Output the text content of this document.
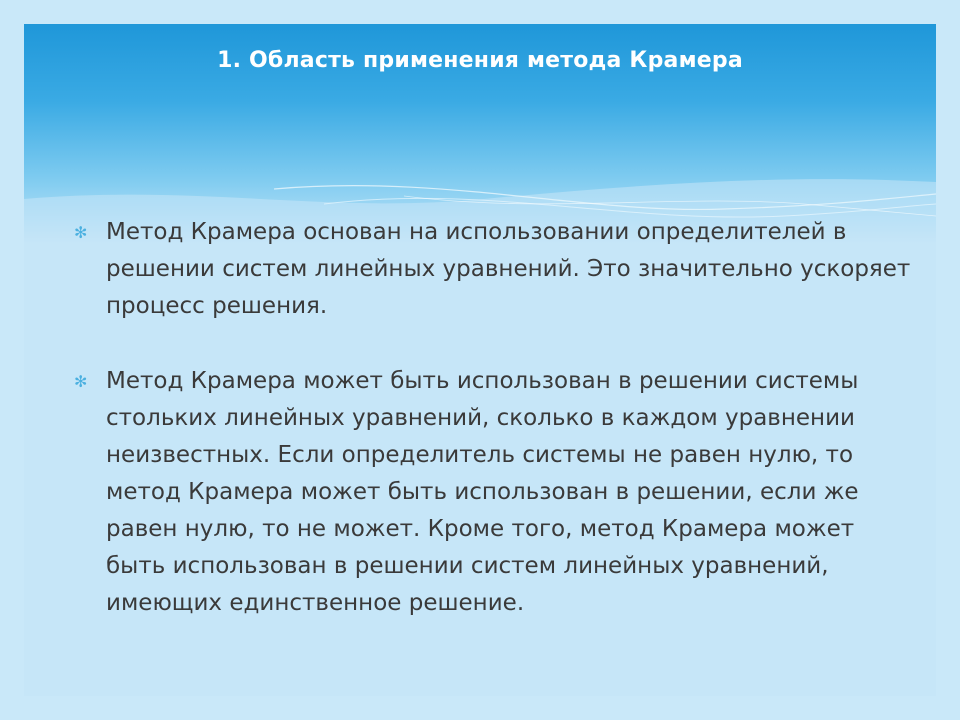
1. Область применения метода Крамера
✻ Метод Крамера основан на использовании определителей в решении систем линейных уравнений. Это значительно ускоряет процесс решения.
✻ Метод Крамера может быть использован в решении системы стольких линейных уравнений, сколько в каждом уравнении неизвестных. Если определитель системы не равен нулю, то метод Крамера может быть использован в решении, если же равен нулю, то не может. Кроме того, метод Крамера может быть использован в решении систем линейных уравнений, имеющих единственное решение.
